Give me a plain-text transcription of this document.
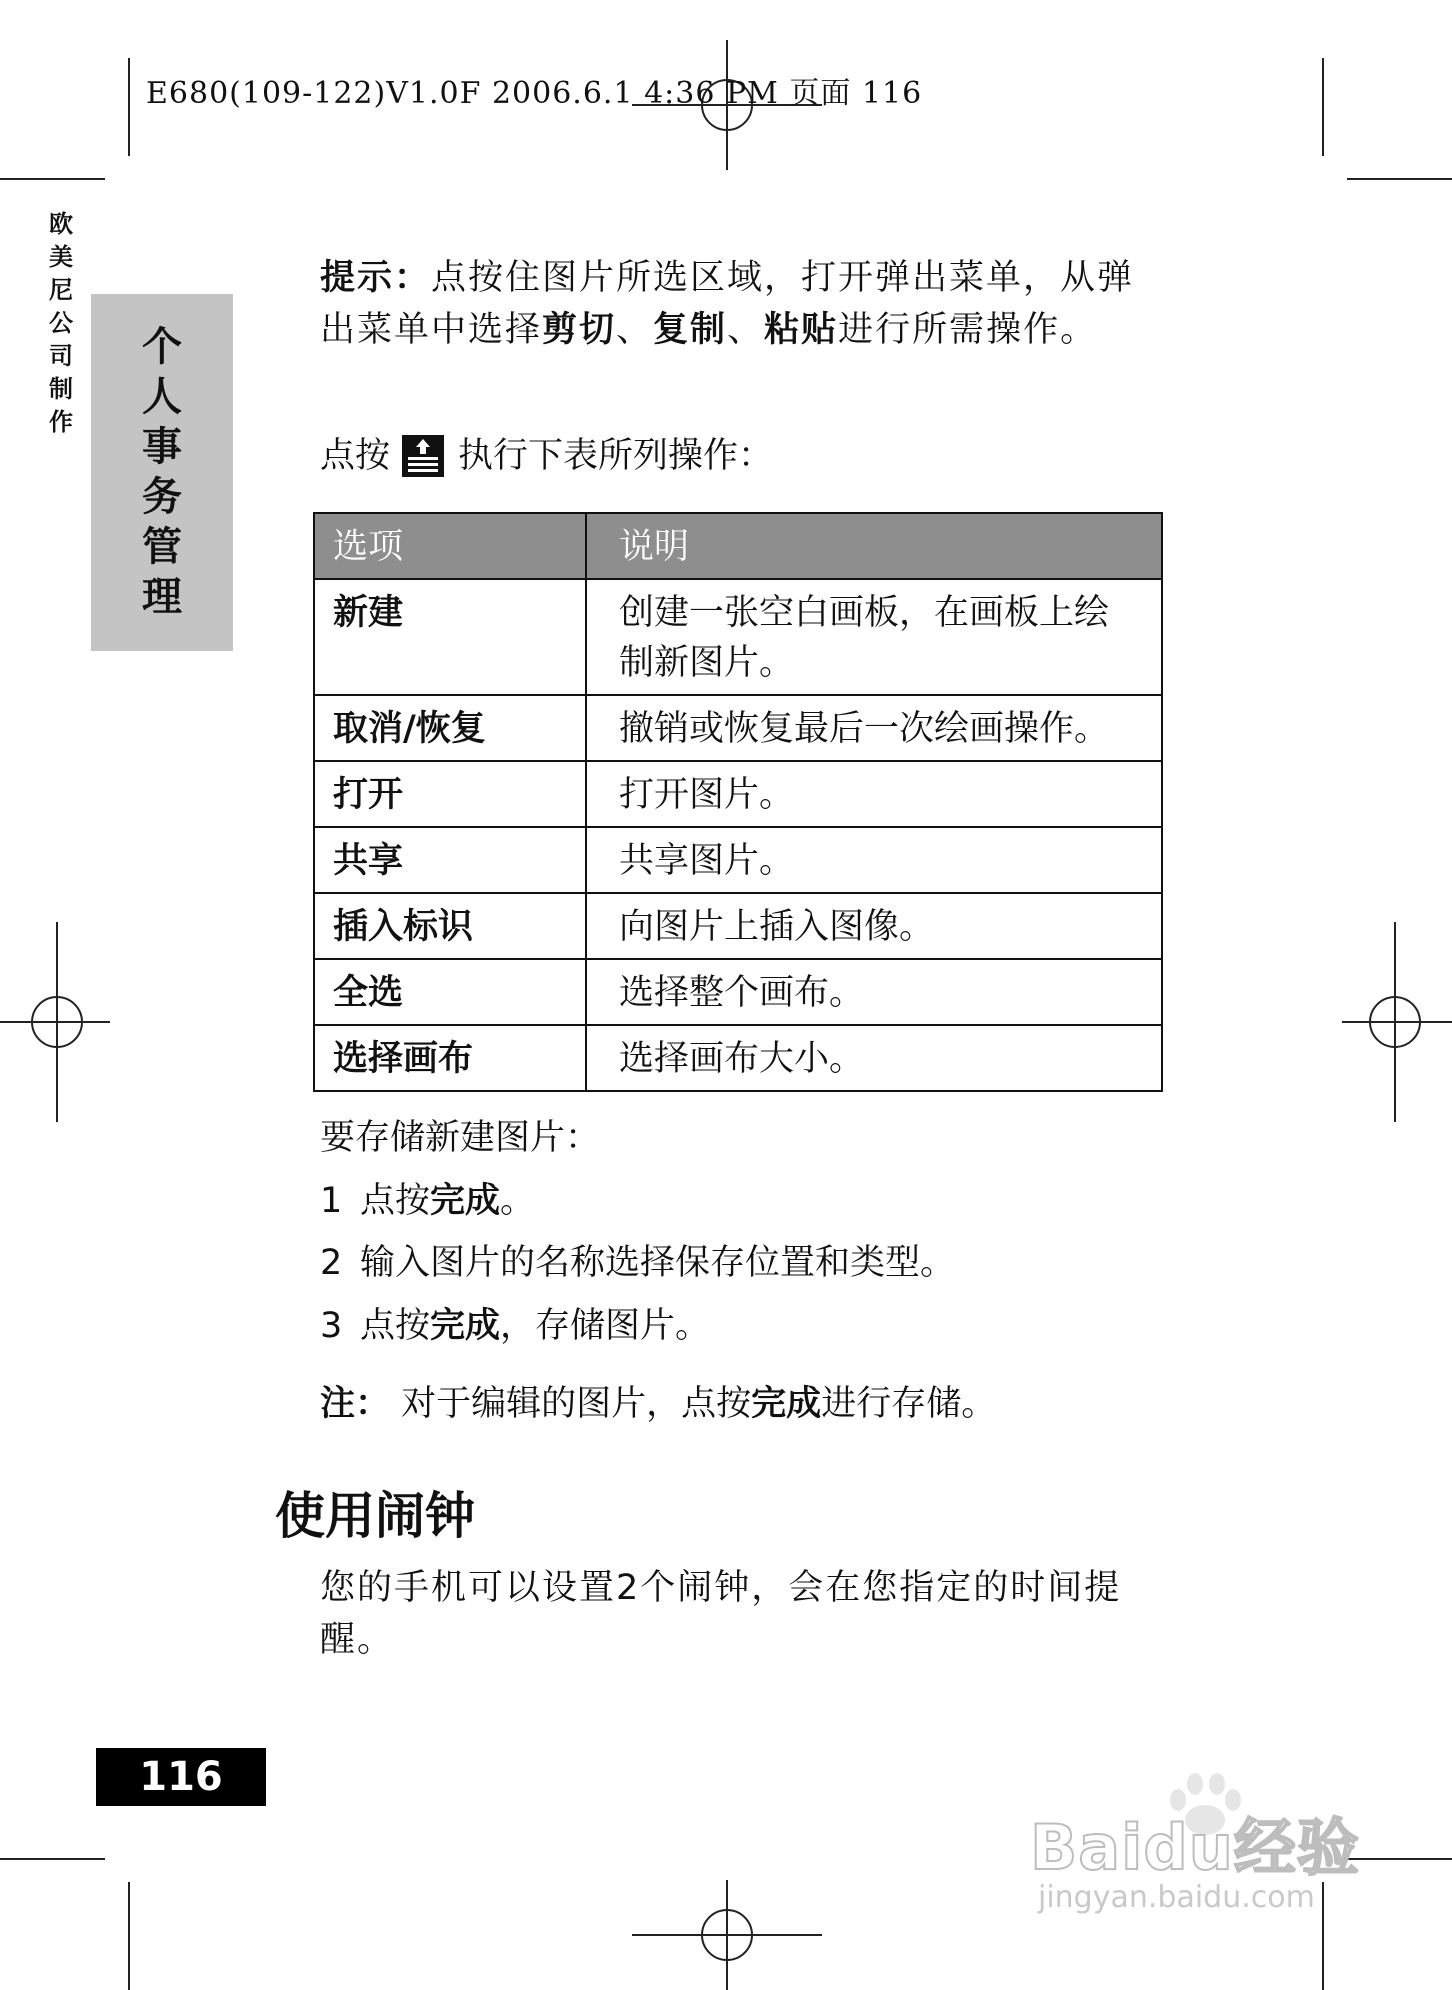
E680(109-122)V1.0F 2006.6.1 4:36 PM 页面 116
欧美尼公司制作
个人事务管理
提示：点按住图片所选区域，打开弹出菜单，从弹出菜单中选择剪切、复制、粘贴进行所需操作。
点按 执行下表所列操作：
选项	说明
新建	创建一张空白画板，在画板上绘制新图片。
取消/恢复	撤销或恢复最后一次绘画操作。
打开	打开图片。
共享	共享图片。
插入标识	向图片上插入图像。
全选	选择整个画布。
选择画布	选择画布大小。
要存储新建图片：
1 点按完成。
2 输入图片的名称选择保存位置和类型。
3 点按完成，存储图片。
注： 对于编辑的图片，点按完成进行存储。
使用闹钟
您的手机可以设置2个闹钟，会在您指定的时间提醒。
116
Baidu经验
jingyan.baidu.com
